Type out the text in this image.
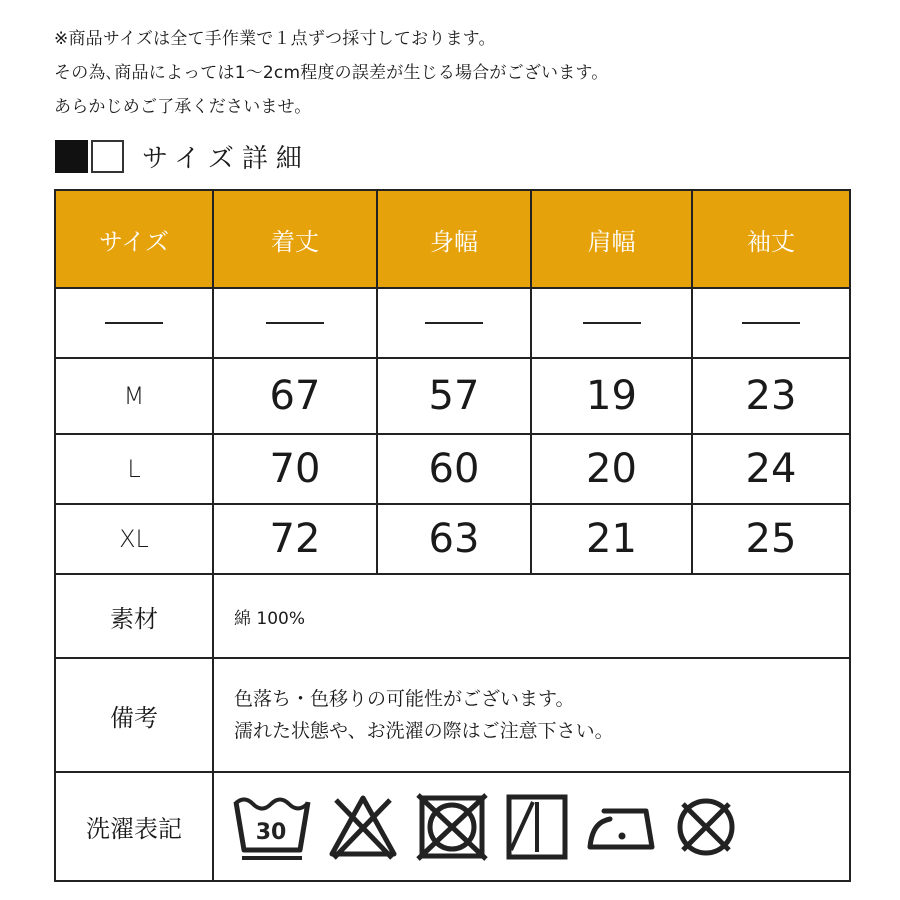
※商品サイズは全て手作業で１点ずつ採寸しております。
その為､商品によっては1～2cm程度の誤差が生じる場合がございます。
あらかじめご了承くださいませ。
サイズ詳細
サイズ	着丈	身幅	肩幅	袖丈
M	67	57	19	23
L	70	60	20	24
XL	72	63	21	25
素材	綿 100%
備考
色落ち・色移りの可能性がございます。
濡れた状態や、お洗濯の際はご注意下さい。
洗濯表記	30
